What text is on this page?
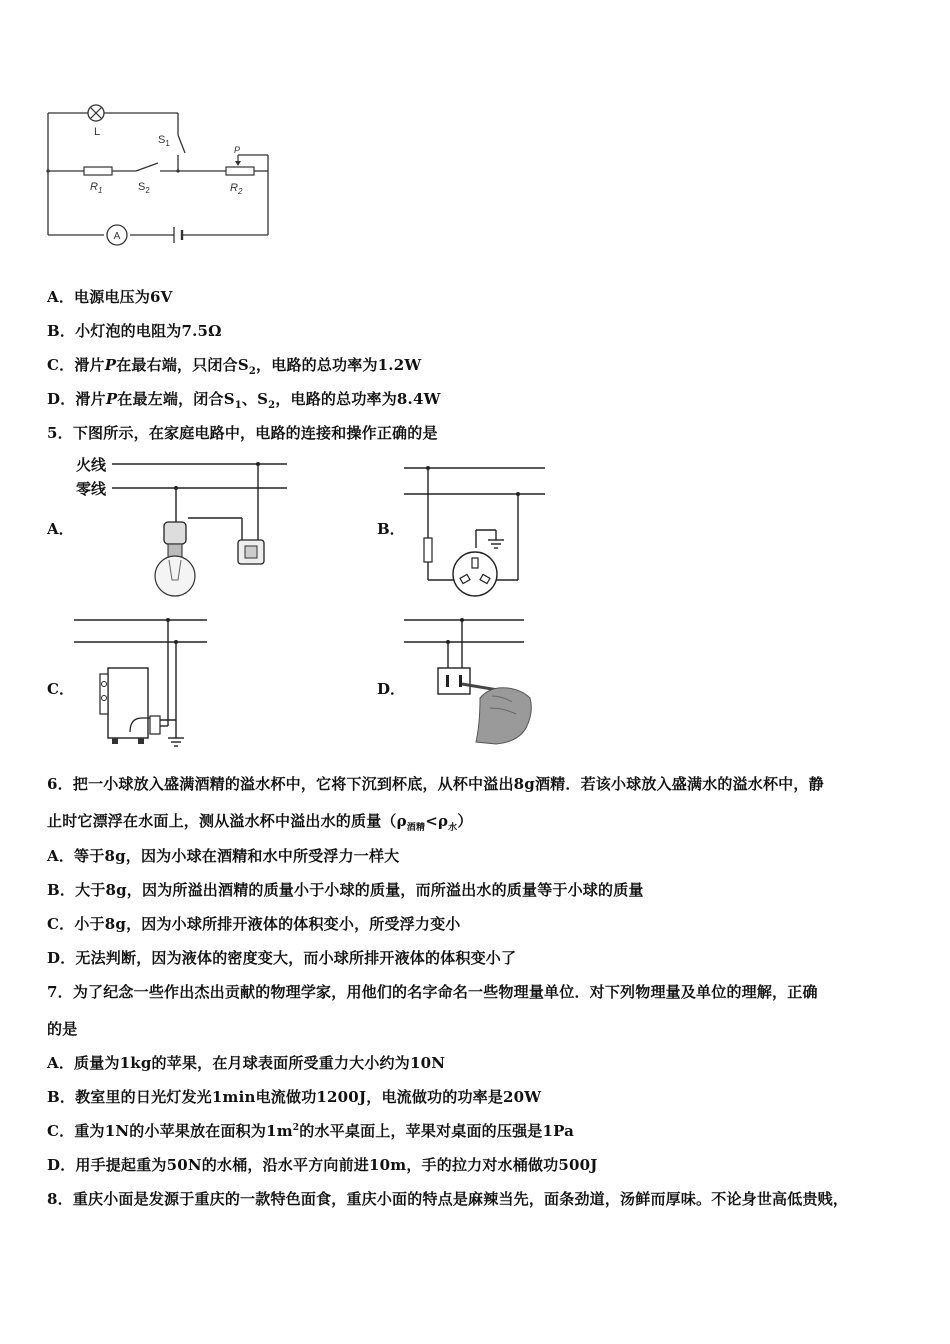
L
$S_1$
$R_1$	$S_2$
P
$R_2$
A
A．电源电压为6V
B．小灯泡的电阻为7.5Ω
C．滑片P在最右端，只闭合$S_2$，电路的总功率为1.2W
D．滑片P在最左端，闭合$S_1$、$S_2$，电路的总功率为8.4W
5．下图所示，在家庭电路中，电路的连接和操作正确的是
A．	B．
C．	D．
火线
零线
6．把一小球放入盛满酒精的溢水杯中，它将下沉到杯底，从杯中溢出8g酒精．若该小球放入盛满水的溢水杯中，静
止时它漂浮在水面上，测从溢水杯中溢出水的质量$(\rho_{酒精}<\rho_水)$
A．等于8g，因为小球在酒精和水中所受浮力一样大
B．大于8g，因为所溢出酒精的质量小于小球的质量，而所溢出水的质量等于小球的质量
C．小于8g，因为小球所排开液体的体积变小，所受浮力变小
D．无法判断，因为液体的密度变大，而小球所排开液体的体积变小了
7．为了纪念一些作出杰出贡献的物理学家，用他们的名字命名一些物理量单位．对下列物理量及单位的理解，正确
的是
A．质量为1kg的苹果，在月球表面所受重力大小约为10N
B．教室里的日光灯发光1min电流做功1200J，电流做功的功率是20W
C．重为1N的小苹果放在面积为$1m^2$的水平桌面上，苹果对桌面的压强是1Pa
D．用手提起重为50N的水桶，沿水平方向前进10m，手的拉力对水桶做功500J
8．重庆小面是发源于重庆的一款特色面食，重庆小面的特点是麻辣当先，面条劲道，汤鲜而厚味。不论身世高低贵贱，
